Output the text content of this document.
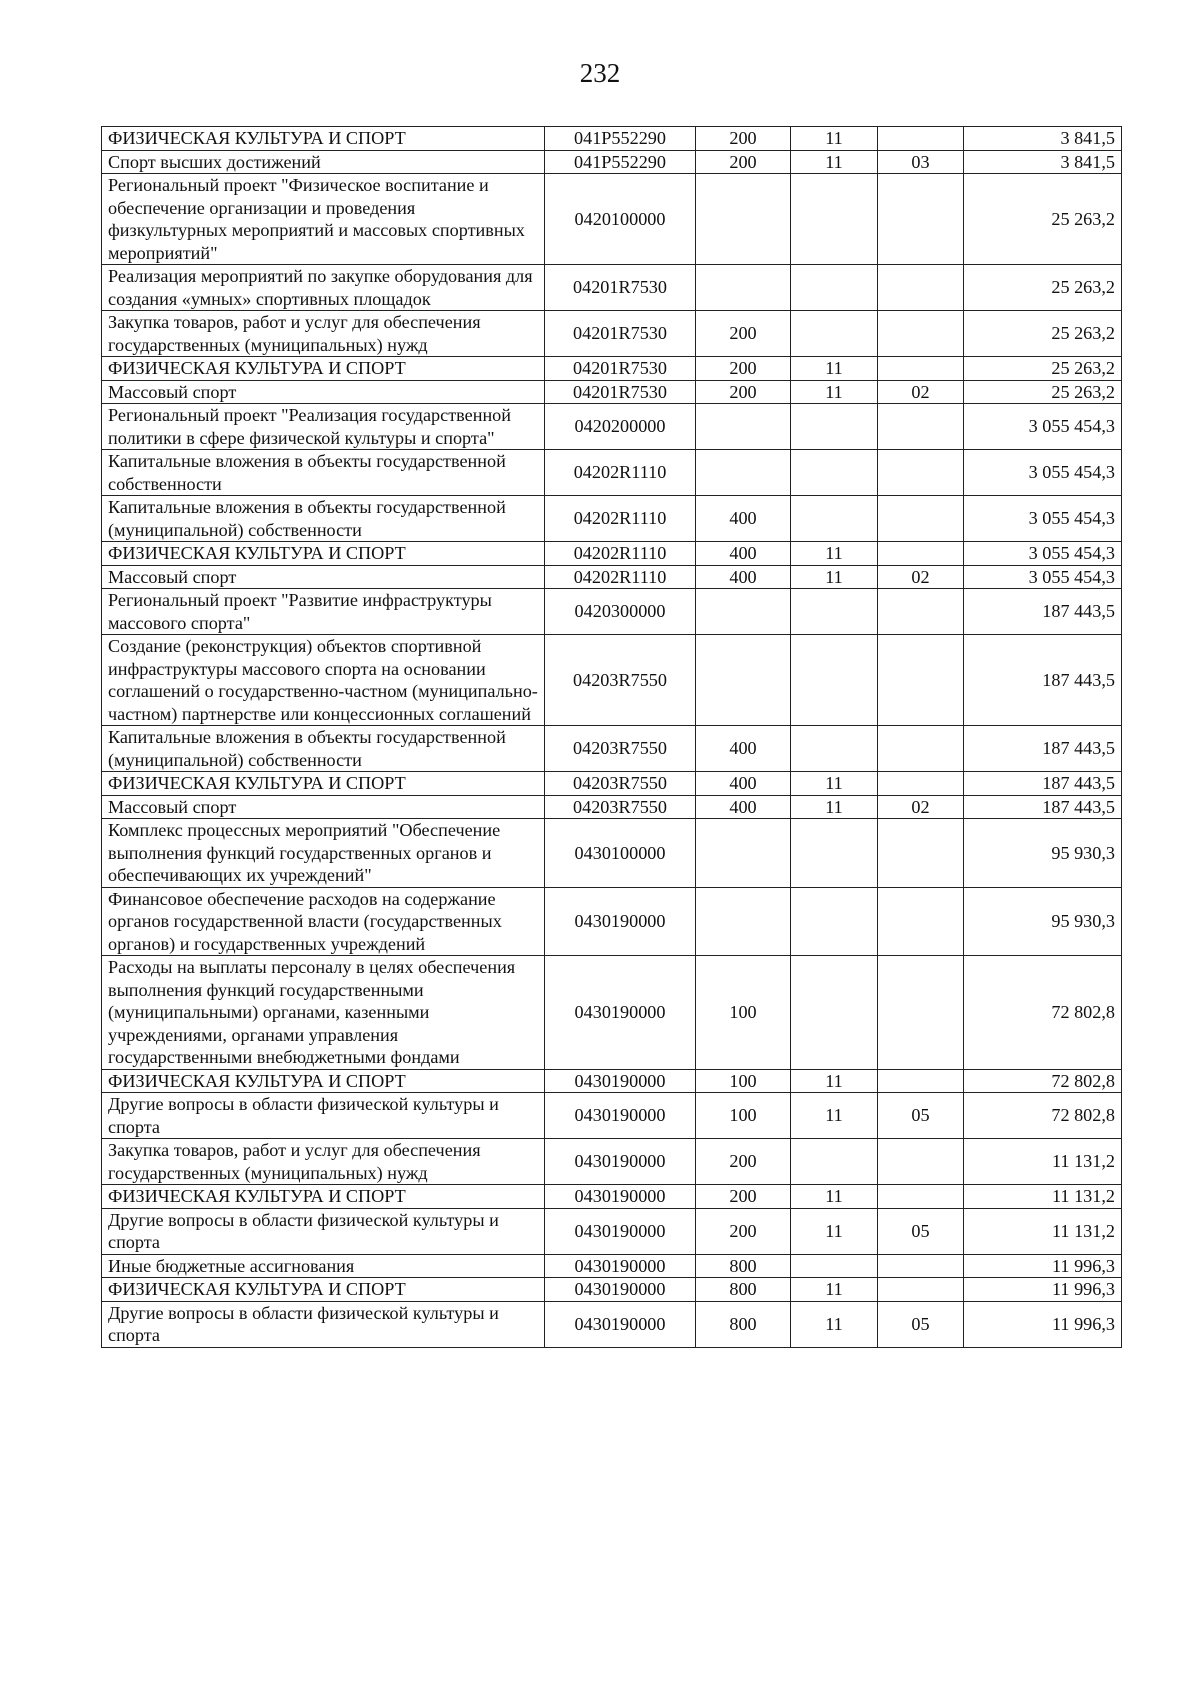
232
ФИЗИЧЕСКАЯ КУЛЬТУРА И СПОРТ	041P552290	200	11		3 841,5
Спорт высших достижений	041P552290	200	11	03	3 841,5
Региональный проект "Физическое воспитание и обеспечение организации и проведения физкультурных мероприятий и массовых спортивных мероприятий"	0420100000				25 263,2
Реализация мероприятий по закупке оборудования для создания «умных» спортивных площадок	04201R7530				25 263,2
Закупка товаров, работ и услуг для обеспечения государственных (муниципальных) нужд	04201R7530	200			25 263,2
ФИЗИЧЕСКАЯ КУЛЬТУРА И СПОРТ	04201R7530	200	11		25 263,2
Массовый спорт	04201R7530	200	11	02	25 263,2
Региональный проект "Реализация государственной политики в сфере физической культуры и спорта"	0420200000				3 055 454,3
Капитальные вложения в объекты государственной собственности	04202R1110				3 055 454,3
Капитальные вложения в объекты государственной (муниципальной) собственности	04202R1110	400			3 055 454,3
ФИЗИЧЕСКАЯ КУЛЬТУРА И СПОРТ	04202R1110	400	11		3 055 454,3
Массовый спорт	04202R1110	400	11	02	3 055 454,3
Региональный проект "Развитие инфраструктуры массового спорта"	0420300000				187 443,5
Создание (реконструкция) объектов спортивной инфраструктуры массового спорта на основании соглашений о государственно-частном (муниципально-частном) партнерстве или концессионных соглашений	04203R7550				187 443,5
Капитальные вложения в объекты государственной (муниципальной) собственности	04203R7550	400			187 443,5
ФИЗИЧЕСКАЯ КУЛЬТУРА И СПОРТ	04203R7550	400	11		187 443,5
Массовый спорт	04203R7550	400	11	02	187 443,5
Комплекс процессных мероприятий "Обеспечение выполнения функций государственных органов и обеспечивающих их учреждений"	0430100000				95 930,3
Финансовое обеспечение расходов на содержание органов государственной власти (государственных органов) и государственных учреждений	0430190000				95 930,3
Расходы на выплаты персоналу в целях обеспечения выполнения функций государственными (муниципальными) органами, казенными учреждениями, органами управления государственными внебюджетными фондами	0430190000	100			72 802,8
ФИЗИЧЕСКАЯ КУЛЬТУРА И СПОРТ	0430190000	100	11		72 802,8
Другие вопросы в области физической культуры и спорта	0430190000	100	11	05	72 802,8
Закупка товаров, работ и услуг для обеспечения государственных (муниципальных) нужд	0430190000	200			11 131,2
ФИЗИЧЕСКАЯ КУЛЬТУРА И СПОРТ	0430190000	200	11		11 131,2
Другие вопросы в области физической культуры и спорта	0430190000	200	11	05	11 131,2
Иные бюджетные ассигнования	0430190000	800			11 996,3
ФИЗИЧЕСКАЯ КУЛЬТУРА И СПОРТ	0430190000	800	11		11 996,3
Другие вопросы в области физической культуры и спорта	0430190000	800	11	05	11 996,3
